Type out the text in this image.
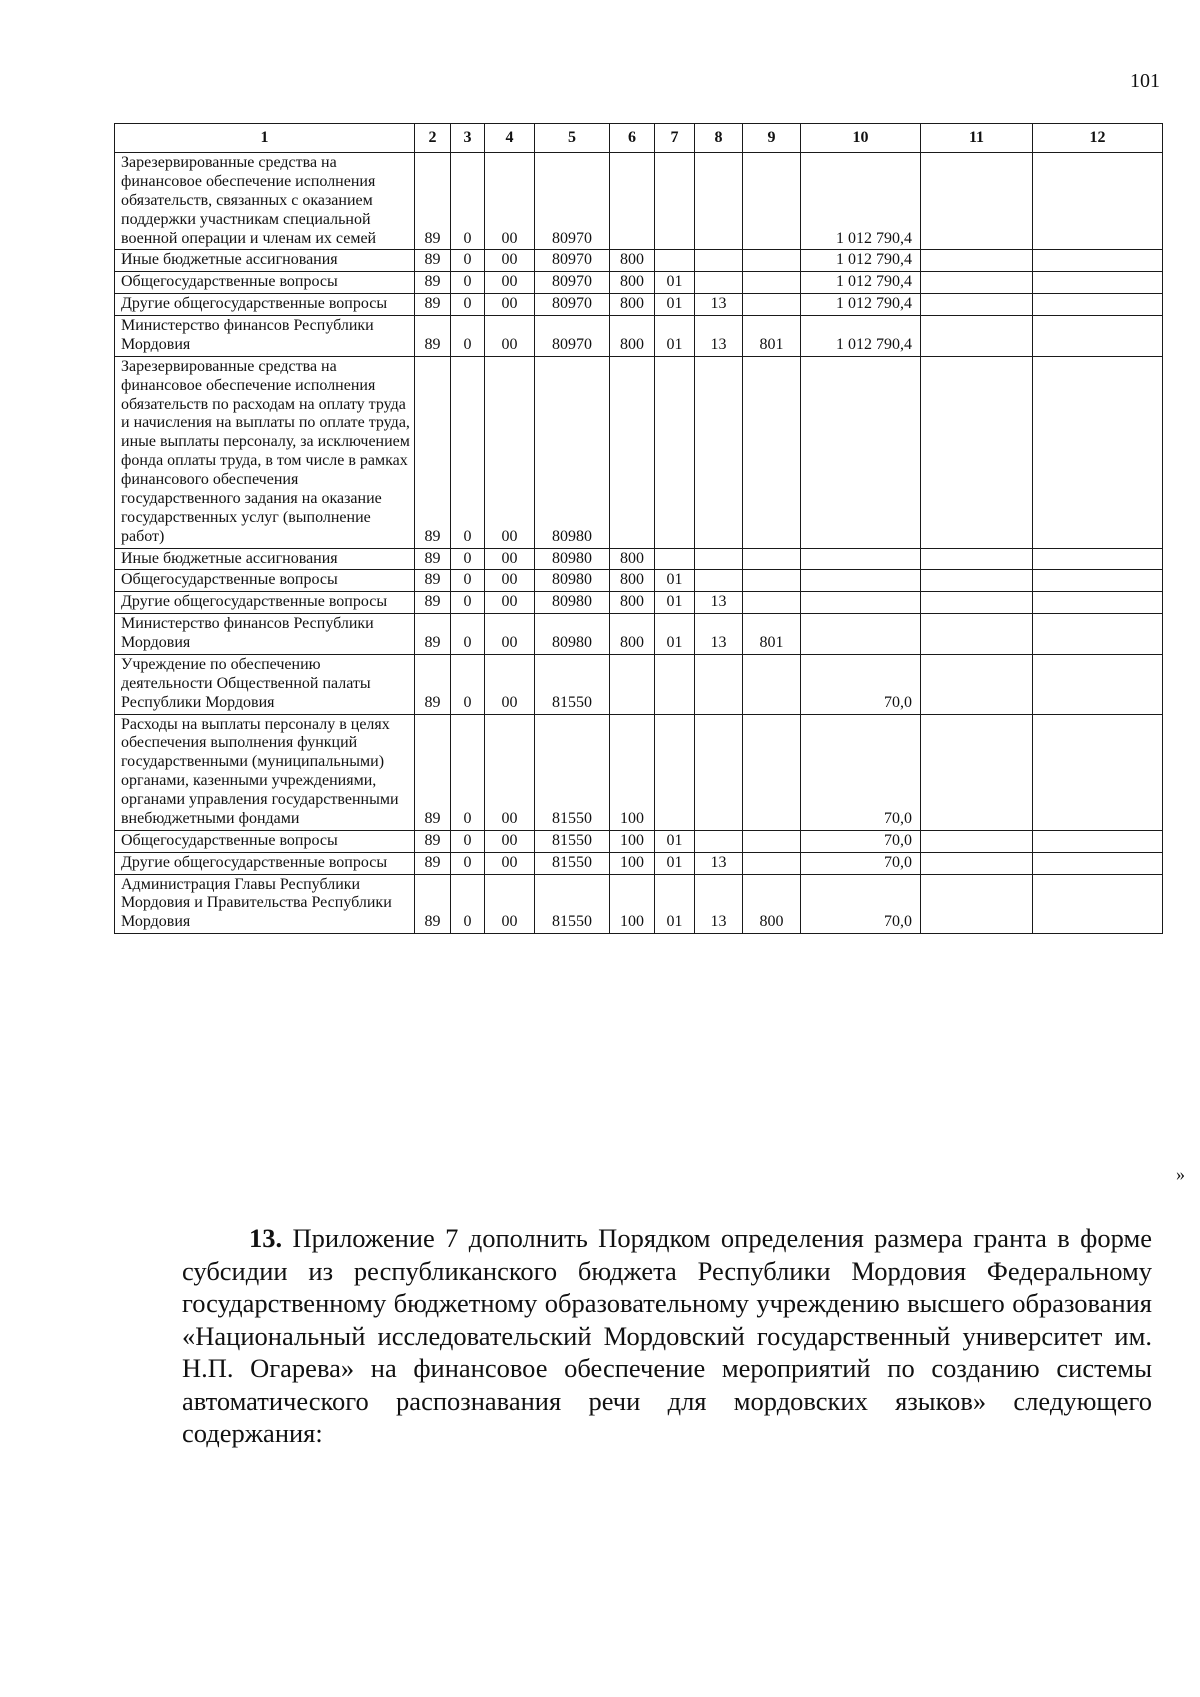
101
1	2	3	4	5	6	7	8	9	10	11	12
Зарезервированные средства на финансовое обеспечение исполнения обязательств, связанных с оказанием поддержки участникам специальной военной операции и членам их семей	89	0	00	80970					1 012 790,4		
Иные бюджетные ассигнования	89	0	00	80970	800				1 012 790,4		
Общегосударственные вопросы	89	0	00	80970	800	01			1 012 790,4		
Другие общегосударственные вопросы	89	0	00	80970	800	01	13		1 012 790,4		
Министерство финансов Республики Мордовия	89	0	00	80970	800	01	13	801	1 012 790,4		
Зарезервированные средства на финансовое обеспечение исполнения обязательств по расходам на оплату труда и начисления на выплаты по оплате труда, иные выплаты персоналу, за исключением фонда оплаты труда, в том числе в рамках финансового обеспечения государственного задания на оказание государственных услуг (выполнение работ)	89	0	00	80980							
Иные бюджетные ассигнования	89	0	00	80980	800						
Общегосударственные вопросы	89	0	00	80980	800	01					
Другие общегосударственные вопросы	89	0	00	80980	800	01	13				
Министерство финансов Республики Мордовия	89	0	00	80980	800	01	13	801			
Учреждение по обеспечению деятельности Общественной палаты Республики Мордовия	89	0	00	81550					70,0		
Расходы на выплаты персоналу в целях обеспечения выполнения функций государственными (муниципальными) органами, казенными учреждениями, органами управления государственными внебюджетными фондами	89	0	00	81550	100				70,0		
Общегосударственные вопросы	89	0	00	81550	100	01			70,0		
Другие общегосударственные вопросы	89	0	00	81550	100	01	13		70,0		
Администрация Главы Республики Мордовия и Правительства Республики Мордовия	89	0	00	81550	100	01	13	800	70,0		
»

13. Приложение 7 дополнить Порядком определения размера гранта в форме субсидии из республиканского бюджета Республики Мордовия Федеральному государственному бюджетному образовательному учреждению высшего образования «Национальный исследовательский Мордовский государственный университет им. Н.П. Огарева» на финансовое обеспечение мероприятий по созданию системы автоматического распознавания речи для мордовских языков» следующего содержания:
